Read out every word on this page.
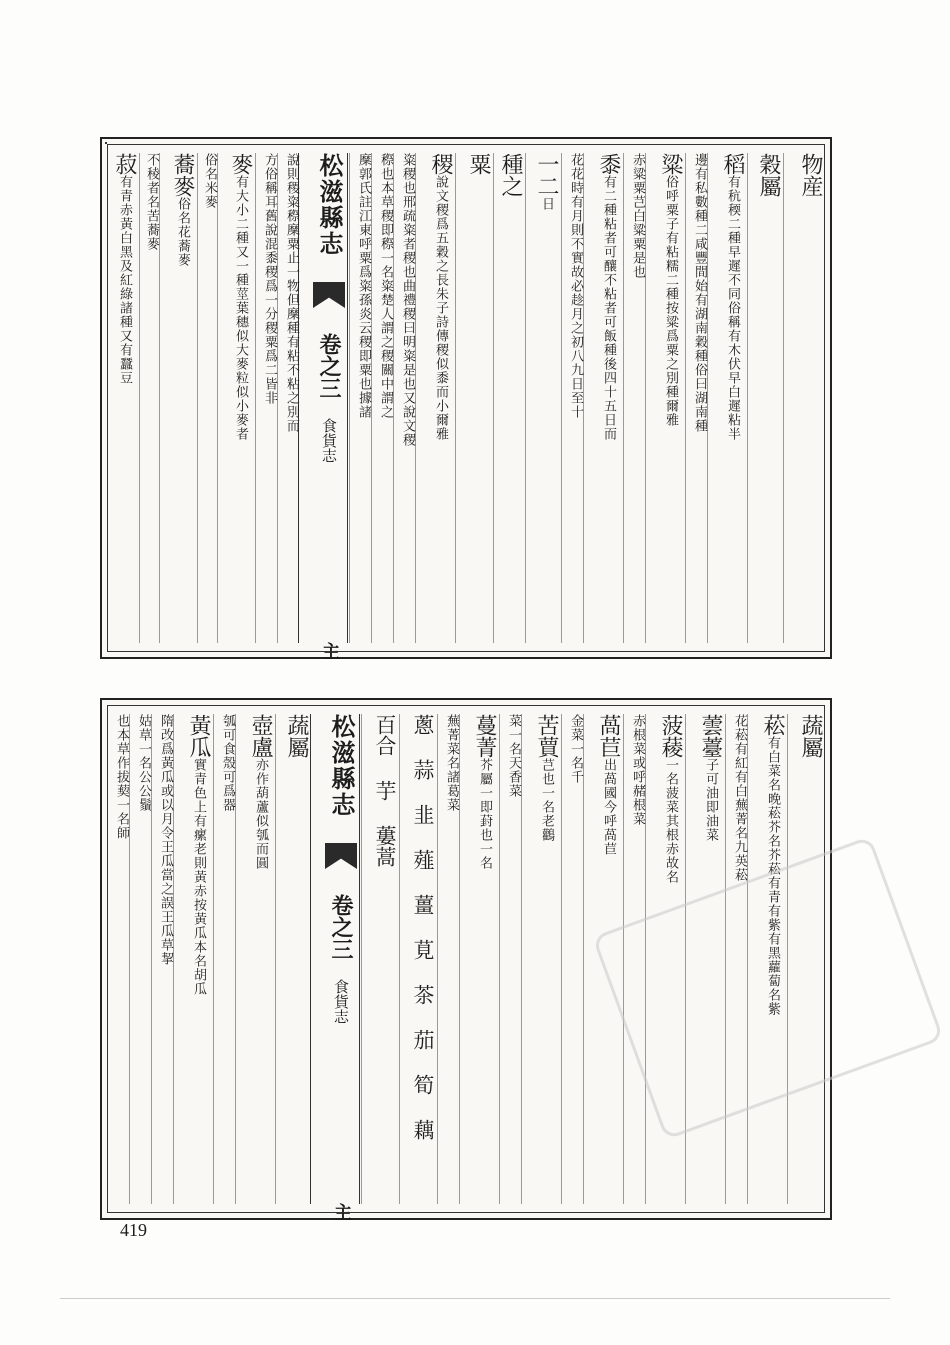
物産
穀屬
稻有秔稬二種早遲不同俗稱有木伏早白遲粘半
邊有私數種二咸豐間始有湖南穀種俗曰湖南種
粱俗呼粟子有粘糯二種按粱爲粟之別種爾雅
赤粱粟芑白粱粟是也
黍有二種粘者可釀不粘者可飯種後四十五日而
花花時有月則不實故必趁月之初八九日至十
一二日
種之
粟
稷說文稷爲五穀之長朱子詩傳稷似黍而小爾雅
粢稷也邢疏粢者稷也曲禮稷曰明粢是也又說文稷
穄也本草稷即穄一名粢楚人謂之稷關中謂之
穈郭氏註江東呼粟爲粢孫炎云稷即粟也據諸
松滋縣志  卷之三 食貨志 主
說則稷粢穄穈粟止一物但穈種有粘不粘之別而
方俗稱耳舊說混黍稷爲一分稷粟爲二皆非
麥有大小二種又一種莖葉穗似大麥粒似小麥者
俗名米麥
蕎麥俗名花蕎麥
不稜者名苦蕎麥
菽有青赤黃白黑及紅綠諸種又有蠶豆
蔬屬
菘有白菜名晚菘芥名芥菘有青有紫有黑蘿蔔名紫
花菘有紅有白蕪菁名九英菘
蕓薹子可油即油菜
菠薐一名菠菜其根赤故名
赤根菜或呼赭根菜
萵苣出萵國今呼萵苣
金菜一名千
苦蕒芑也一名老鸛
菜一名天香菜
蔓菁芥屬一即葑也一名
蕪菁菜名諸葛菜
蔥 蒜 韭 薤 薑 莧 茶 茄 筍 藕
百合 芋 蔞蒿
松滋縣志  卷之三 食貨志 主
蔬屬
壺盧亦作葫蘆似瓠而圓
瓠可食殼可爲器
黃瓜實青色上有瘰老則黃赤按黃瓜本名胡瓜
隋改爲黃瓜或以月令王瓜當之誤王瓜草挈
姑草一名公公鬚
也本草作拔葜一名師
419
